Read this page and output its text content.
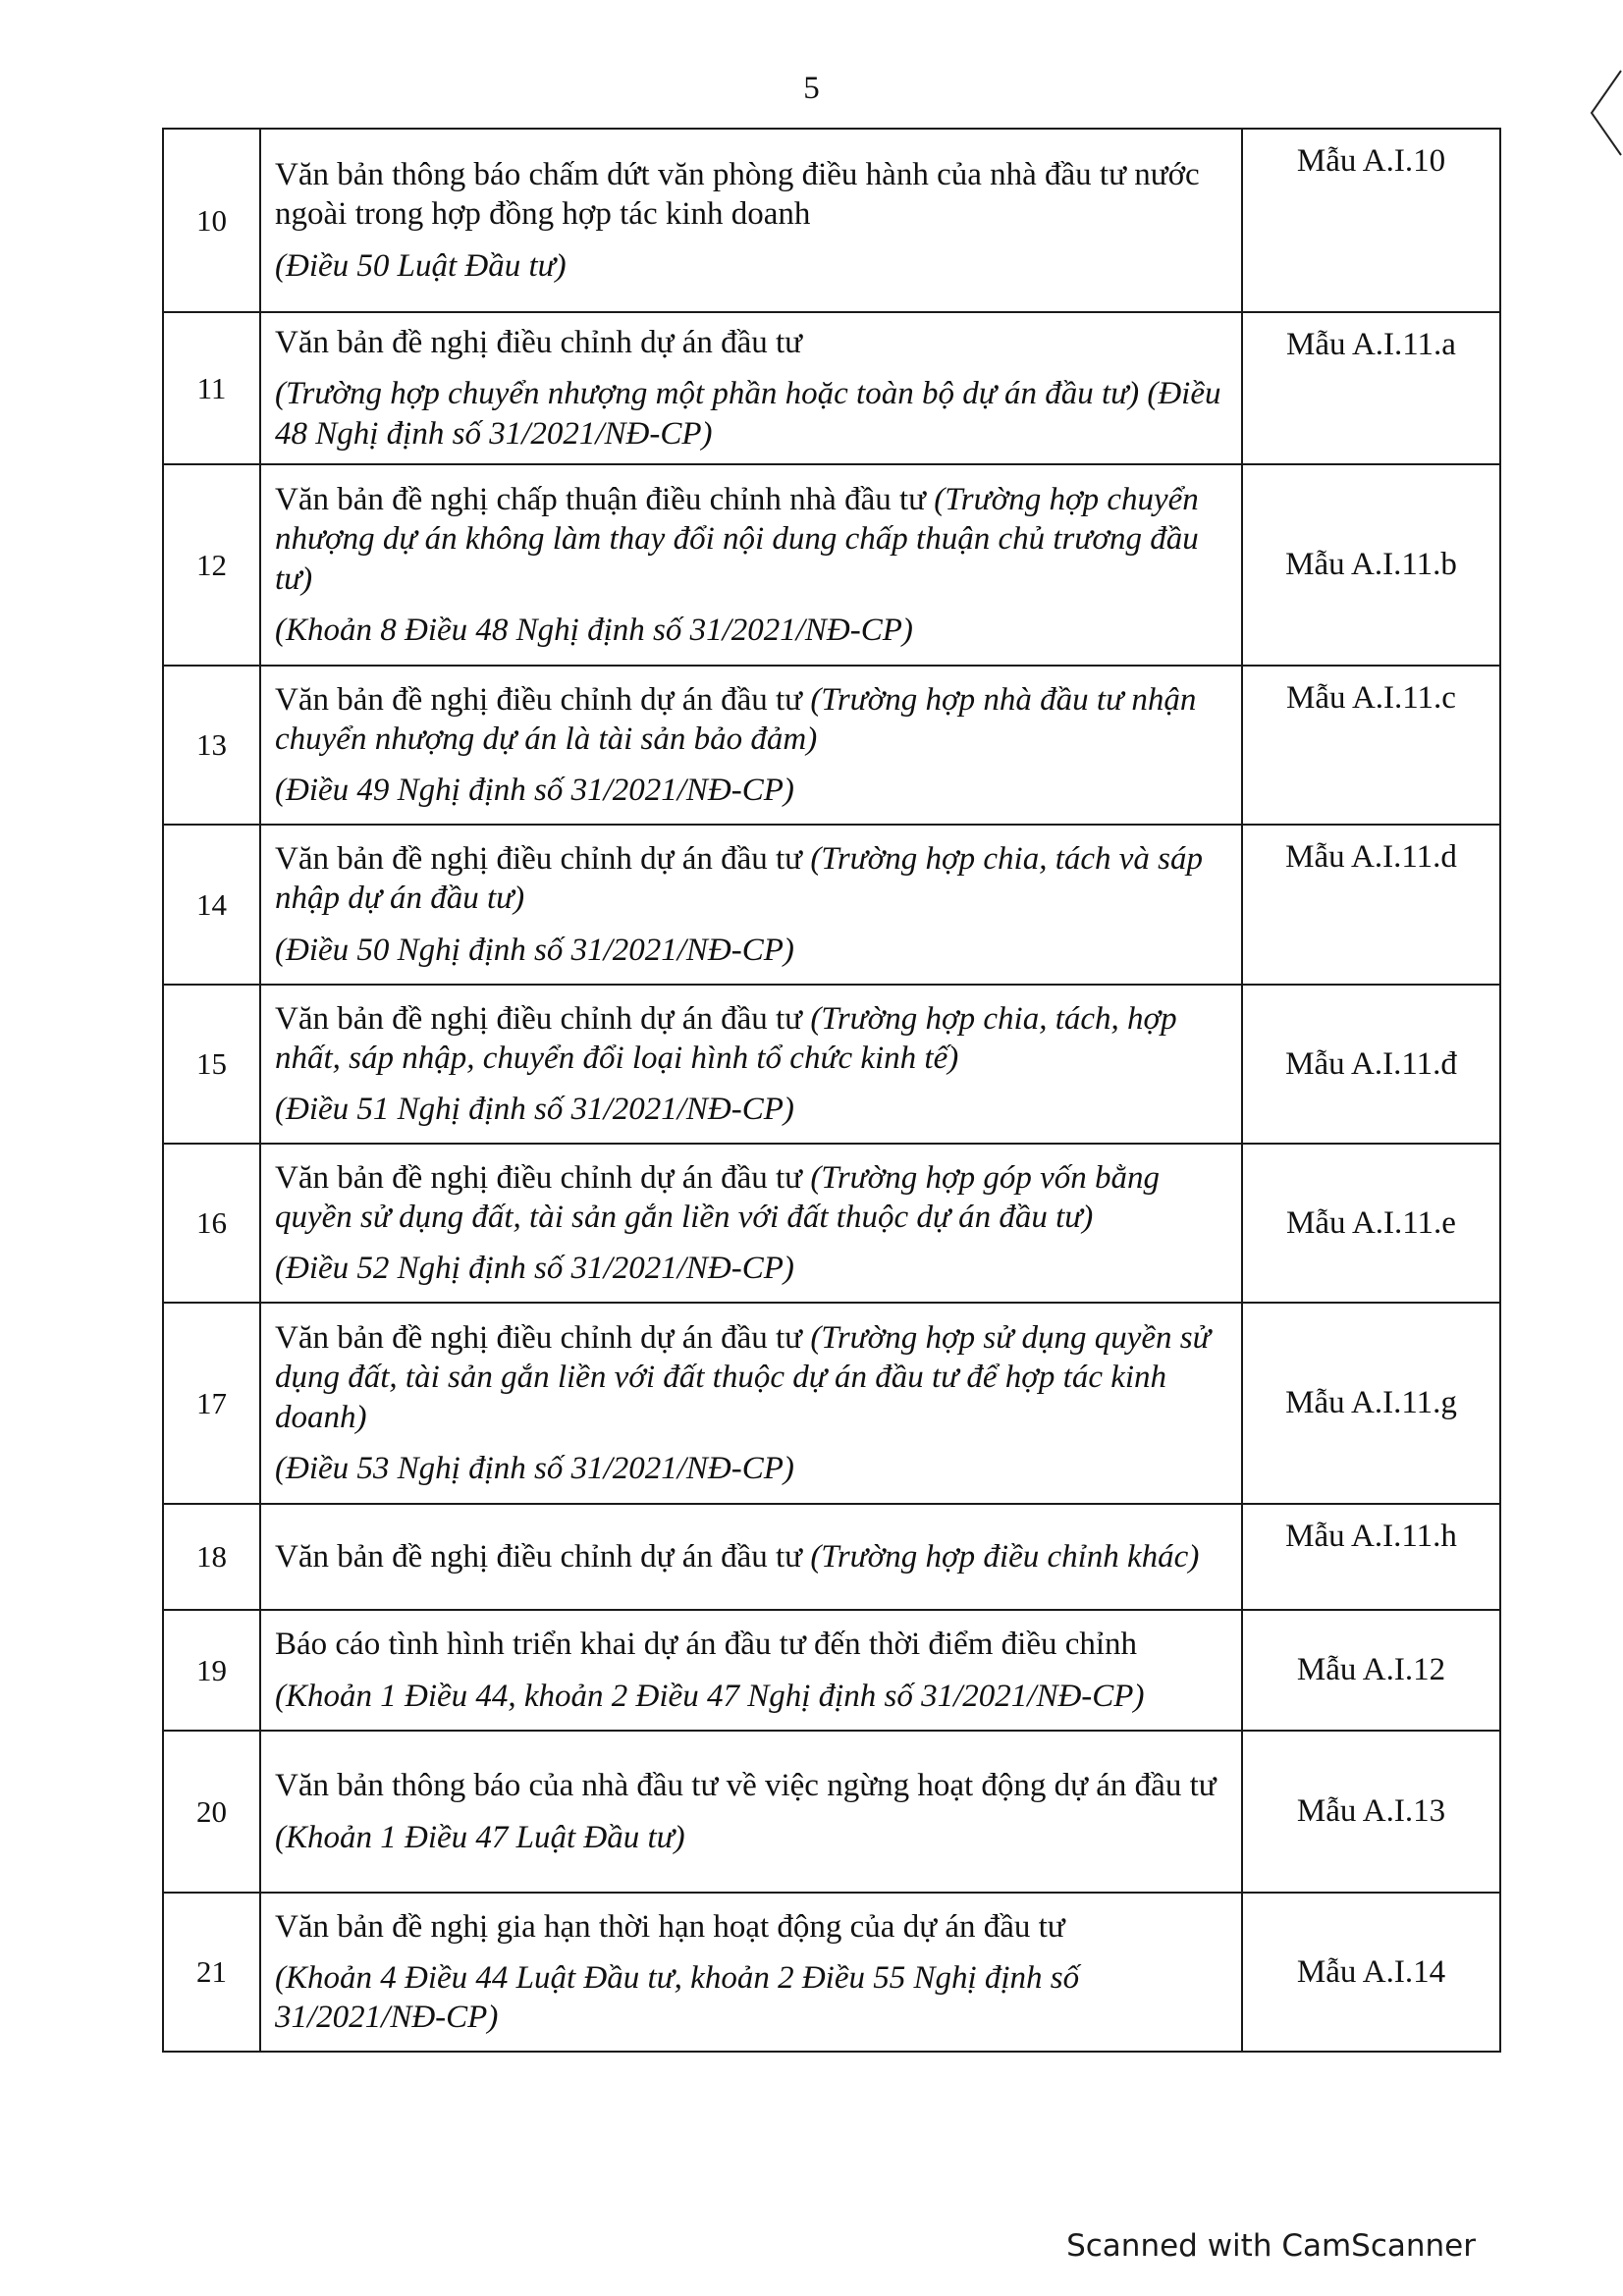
5
10	Văn bản thông báo chấm dứt văn phòng điều hành của nhà đầu tư nước ngoài trong hợp đồng hợp tác kinh doanh
(Điều 50 Luật Đầu tư)	Mẫu A.I.10
11	Văn bản đề nghị điều chỉnh dự án đầu tư
(Trường hợp chuyển nhượng một phần hoặc toàn bộ dự án đầu tư) (Điều 48 Nghị định số 31/2021/NĐ-CP)	Mẫu A.I.11.a
12	Văn bản đề nghị chấp thuận điều chỉnh nhà đầu tư (Trường hợp chuyển nhượng dự án không làm thay đổi nội dung chấp thuận chủ trương đầu tư)
(Khoản 8 Điều 48 Nghị định số 31/2021/NĐ-CP)	Mẫu A.I.11.b
13	Văn bản đề nghị điều chỉnh dự án đầu tư (Trường hợp nhà đầu tư nhận chuyển nhượng dự án là tài sản bảo đảm)
(Điều 49 Nghị định số 31/2021/NĐ-CP)	Mẫu A.I.11.c
14	Văn bản đề nghị điều chỉnh dự án đầu tư (Trường hợp chia, tách và sáp nhập dự án đầu tư)
(Điều 50 Nghị định số 31/2021/NĐ-CP)	Mẫu A.I.11.d
15	Văn bản đề nghị điều chỉnh dự án đầu tư (Trường hợp chia, tách, hợp nhất, sáp nhập, chuyển đổi loại hình tổ chức kinh tế)
(Điều 51 Nghị định số 31/2021/NĐ-CP)	Mẫu A.I.11.đ
16	Văn bản đề nghị điều chỉnh dự án đầu tư (Trường hợp góp vốn bằng quyền sử dụng đất, tài sản gắn liền với đất thuộc dự án đầu tư)
(Điều 52 Nghị định số 31/2021/NĐ-CP)	Mẫu A.I.11.e
17	Văn bản đề nghị điều chỉnh dự án đầu tư (Trường hợp sử dụng quyền sử dụng đất, tài sản gắn liền với đất thuộc dự án đầu tư để hợp tác kinh doanh)
(Điều 53 Nghị định số 31/2021/NĐ-CP)	Mẫu A.I.11.g
18	Văn bản đề nghị điều chỉnh dự án đầu tư (Trường hợp điều chỉnh khác)	Mẫu A.I.11.h
19	Báo cáo tình hình triển khai dự án đầu tư đến thời điểm điều chỉnh
(Khoản 1 Điều 44, khoản 2 Điều 47 Nghị định số 31/2021/NĐ-CP)	Mẫu A.I.12
20	Văn bản thông báo của nhà đầu tư về việc ngừng hoạt động dự án đầu tư
(Khoản 1 Điều 47 Luật Đầu tư)	Mẫu A.I.13
21	Văn bản đề nghị gia hạn thời hạn hoạt động của dự án đầu tư
(Khoản 4 Điều 44 Luật Đầu tư, khoản 2 Điều 55 Nghị định số 31/2021/NĐ-CP)	Mẫu A.I.14
Scanned with CamScanner
